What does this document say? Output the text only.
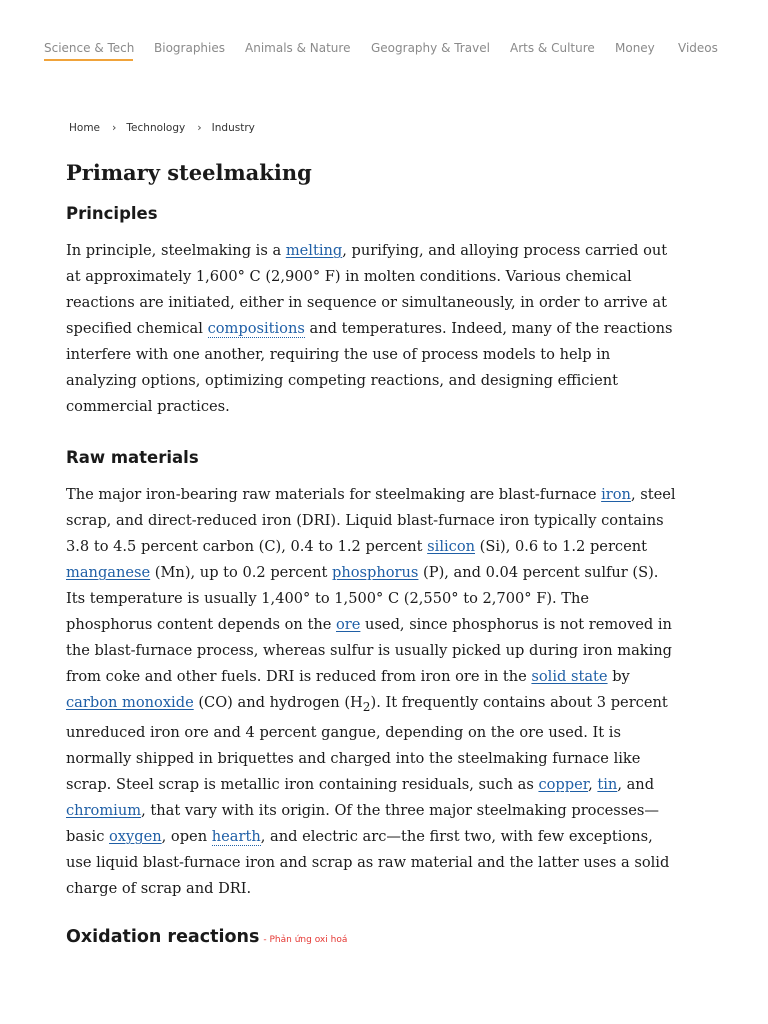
Science & Tech Biographies Animals & Nature Geography & Travel Arts & Culture Money Videos
Home › Technology › Industry
Primary steelmaking
Principles

In principle, steelmaking is a melting, purifying, and alloying process carried out at approximately 1,600° C (2,900° F) in molten conditions. Various chemical reactions are initiated, either in sequence or simultaneously, in order to arrive at specified chemical compositions and temperatures. Indeed, many of the reactions interfere with one another, requiring the use of process models to help in analyzing options, optimizing competing reactions, and designing efficient commercial practices.

Raw materials

The major iron-bearing raw materials for steelmaking are blast-furnace iron, steel scrap, and direct-reduced iron (DRI). Liquid blast-furnace iron typically contains 3.8 to 4.5 percent carbon (C), 0.4 to 1.2 percent silicon (Si), 0.6 to 1.2 percent manganese (Mn), up to 0.2 percent phosphorus (P), and 0.04 percent sulfur (S). Its temperature is usually 1,400° to 1,500° C (2,550° to 2,700° F). The phosphorus content depends on the ore used, since phosphorus is not removed in the blast-furnace process, whereas sulfur is usually picked up during iron making from coke and other fuels. DRI is reduced from iron ore in the solid state by carbon monoxide (CO) and hydrogen $(H_2)$. It frequently contains about 3 percent unreduced iron ore and 4 percent gangue, depending on the ore used. It is normally shipped in briquettes and charged into the steelmaking furnace like scrap. Steel scrap is metallic iron containing residuals, such as copper, tin, and chromium, that vary with its origin. Of the three major steelmaking processes—basic oxygen, open hearth, and electric arc—the first two, with few exceptions, use liquid blast-furnace iron and scrap as raw material and the latter uses a solid charge of scrap and DRI.

Oxidation reactions - Phản ứng oxi hoá
